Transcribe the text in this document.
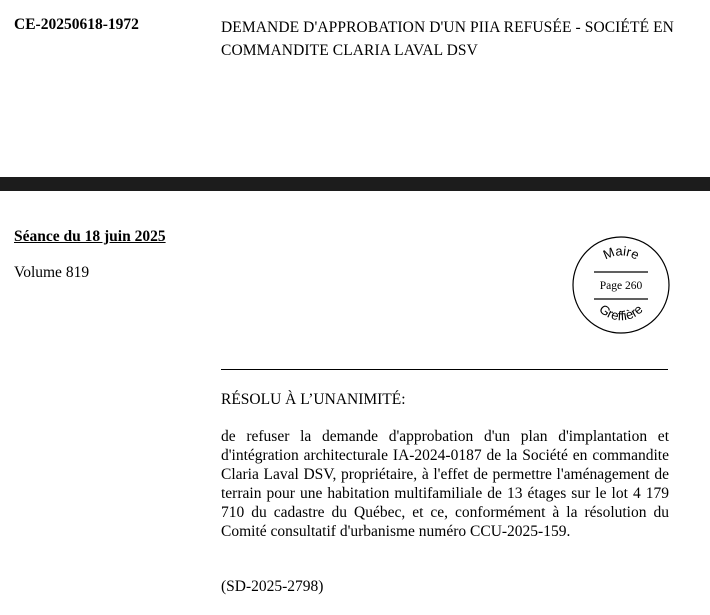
CE-20250618-1972	DEMANDE D'APPROBATION D'UN PIIA REFUSÉE - SOCIÉTÉ EN COMMANDITE CLARIA LAVAL DSV
Séance du 18 juin 2025
Volume 819
Maire
Page 260
Greffière
RÉSOLU À L’UNANIMITÉ:
de refuser la demande d'approbation d'un plan d'implantation et d'intégration architecturale IA-2024-0187 de la Société en commandite Claria Laval DSV, propriétaire, à l'effet de permettre l'aménagement de terrain pour une habitation multifamiliale de 13 étages sur le lot 4 179 710 du cadastre du Québec, et ce, conformément à la résolution du Comité consultatif d'urbanisme numéro CCU-2025-159.
(SD-2025-2798)
